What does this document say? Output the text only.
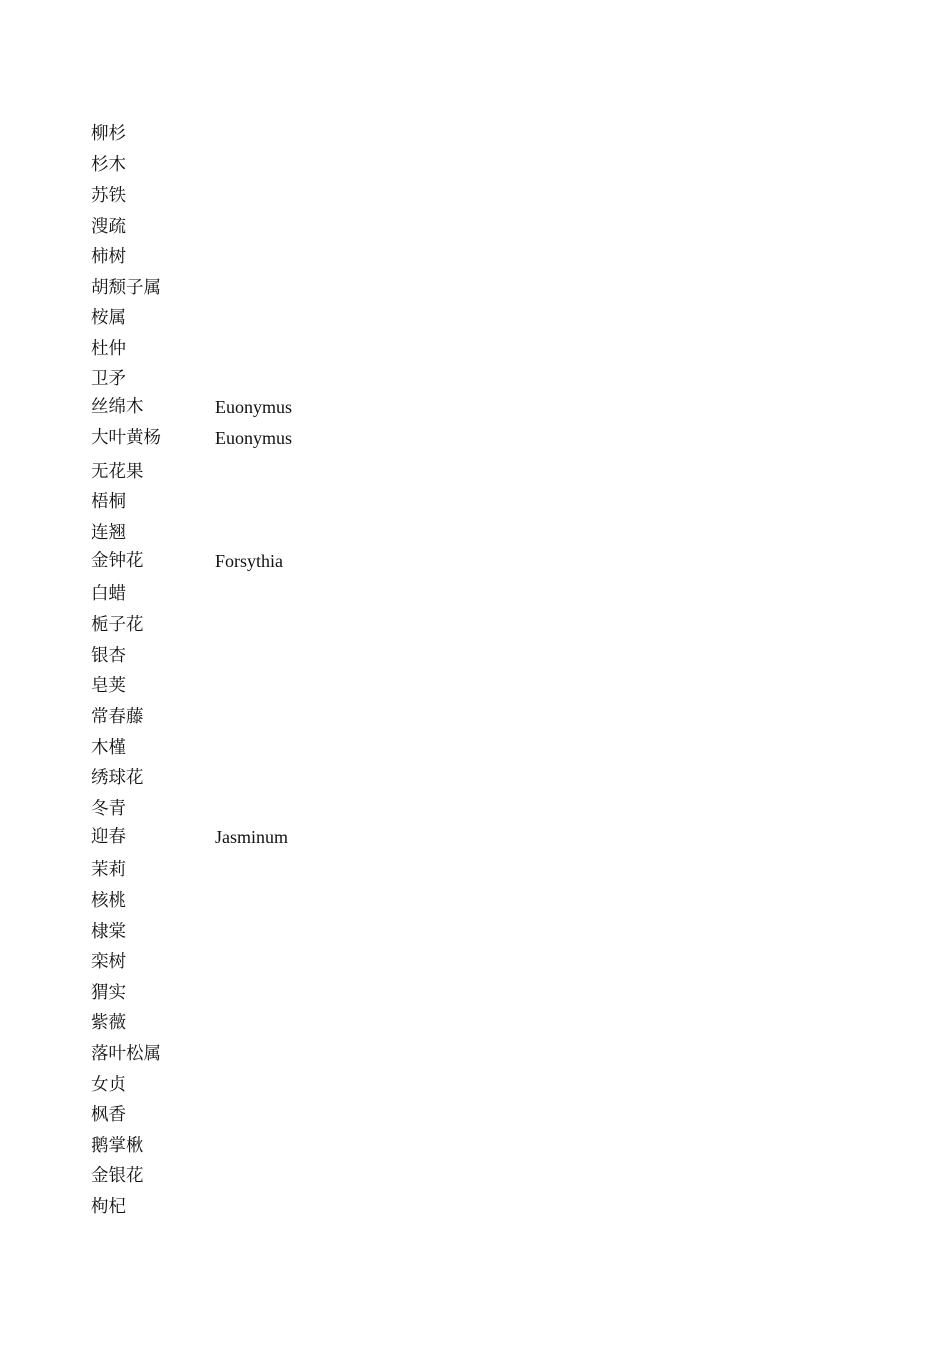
柳杉
杉木
苏铁
溲疏
柿树
胡颓子属
桉属
杜仲
卫矛
丝绵木	Euonymus
大叶黄杨	Euonymus
无花果
梧桐
连翘
金钟花	Forsythia
白蜡
栀子花
银杏
皂荚
常春藤
木槿
绣球花
冬青
迎春	Jasminum
茉莉
核桃
棣棠
栾树
猬实
紫薇
落叶松属
女贞
枫香
鹅掌楸
金银花
枸杞
